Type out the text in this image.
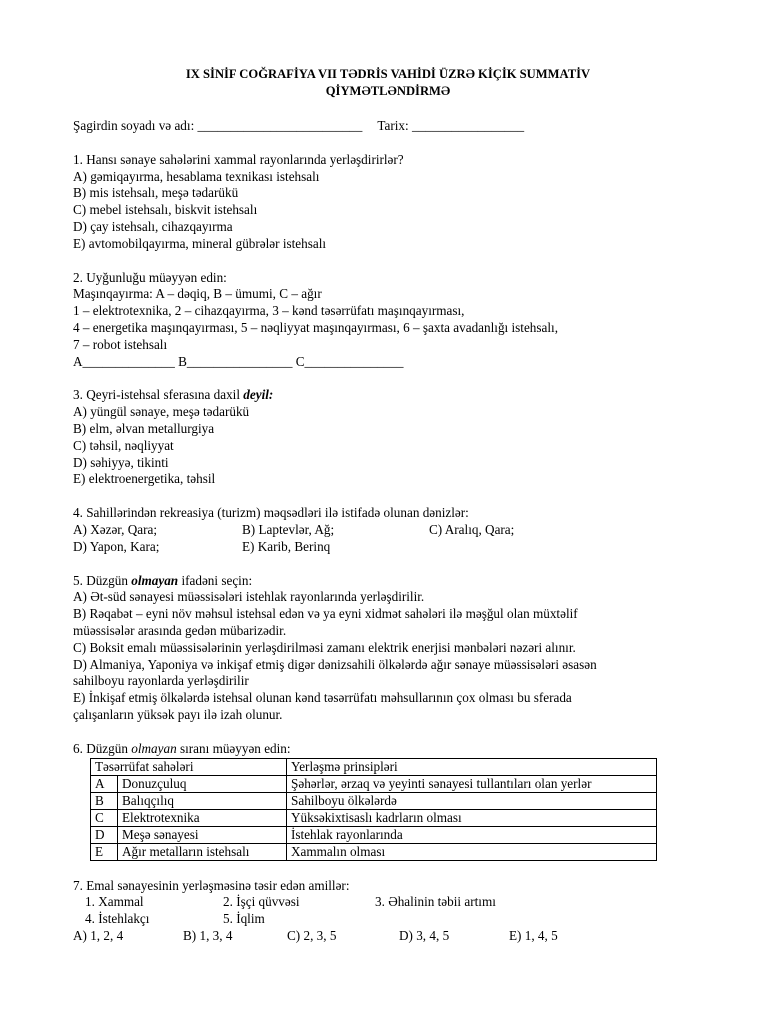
IX SİNİF COĞRAFİYA VII TƏDRİS VAHİDİ ÜZRƏ KİÇİK SUMMATİV
QİYMƏTLƏNDİRMƏ
Şagirdin soyadı və adı: _________________________ Tarix: _________________
1. Hansı sənaye sahələrini xammal rayonlarında yerləşdirirlər?
A) gəmiqayırma, hesablama texnikası istehsalı
B) mis istehsalı, meşə tədarükü
C) mebel istehsalı, biskvit istehsalı
D) çay istehsalı, cihazqayırma
E) avtomobilqayırma, mineral gübrələr istehsalı
2. Uyğunluğu müəyyən edin:
Maşınqayırma: A – dəqiq, B – ümumi, C – ağır
1 – elektrotexnika, 2 – cihazqayırma, 3 – kənd təsərrüfatı maşınqayırması,
4 – energetika maşınqayırması, 5 – nəqliyyat maşınqayırması, 6 – şaxta avadanlığı istehsalı,
7 – robot istehsalı
A______________ B________________ C_______________
3. Qeyri-istehsal sferasına daxil deyil:
A) yüngül sənaye, meşə tədarükü
B) elm, əlvan metallurgiya
C) təhsil, nəqliyyat
D) səhiyyə, tikinti
E) elektroenergetika, təhsil
4. Sahillərindən rekreasiya (turizm) məqsədləri ilə istifadə olunan dənizlər:
A) Xəzər, Qara;	B) Laptevlər, Ağ;	C) Aralıq, Qara;
D) Yapon, Kara;	E) Karib, Berinq
5. Düzgün olmayan ifadəni seçin:
A) Ət-süd sənayesi müəssisələri istehlak rayonlarında yerləşdirilir.
B) Rəqabət – eyni növ məhsul istehsal edən və ya eyni xidmət sahələri ilə məşğul olan müxtəlif
müəssisələr arasında gedən mübarizədir.
C) Boksit emalı müəssisələrinin yerləşdirilməsi zamanı elektrik enerjisi mənbələri nəzəri alınır.
D) Almaniya, Yaponiya və inkişaf etmiş digər dənizsahili ölkələrdə ağır sənaye müəssisələri əsasən
sahilboyu rayonlarda yerləşdirilir
E) İnkişaf etmiş ölkələrdə istehsal olunan kənd təsərrüfatı məhsullarının çox olması bu sferada
çalışanların yüksək payı ilə izah olunur.
6. Düzgün olmayan sıranı müəyyən edin:
Təsərrüfat sahələri		Yerləşmə prinsipləri
A	Donuzçuluq	Şəhərlər, ərzaq və yeyinti sənayesi tullantıları olan yerlər
B	Balıqçılıq	Sahilboyu ölkələrdə
C	Elektrotexnika	Yüksəkixtisaslı kadrların olması
D	Meşə sənayesi	İstehlak rayonlarında
E	Ağır metalların istehsalı	Xammalın olması
7. Emal sənayesinin yerləşməsinə təsir edən amillər:
1. Xammal	2. İşçi qüvvəsi	3. Əhalinin təbii artımı
4. İstehlakçı	5. İqlim
A) 1, 2, 4	B) 1, 3, 4	C) 2, 3, 5	D) 3, 4, 5	E) 1, 4, 5
